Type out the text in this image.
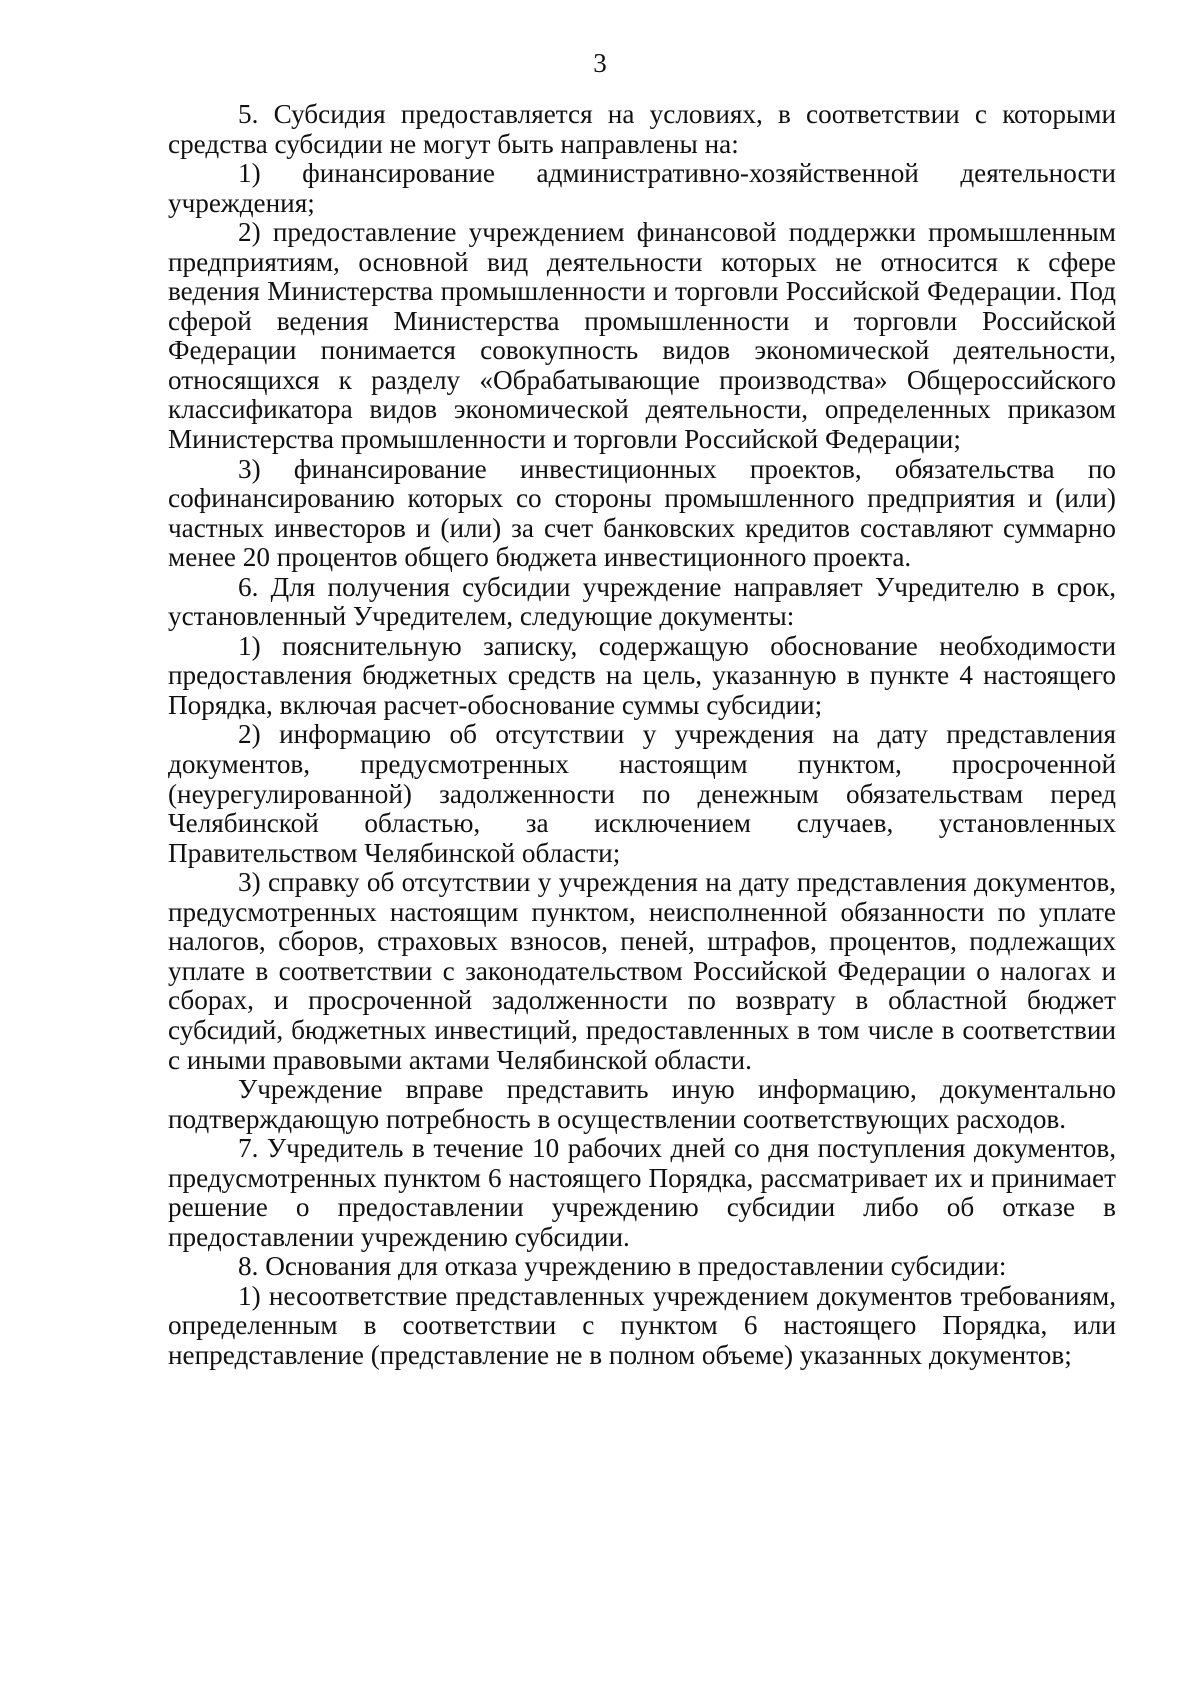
3

5. Субсидия предоставляется на условиях, в соответствии с которыми средства субсидии не могут быть направлены на:

1) финансирование административно-хозяйственной деятельности учреждения;

2) предоставление учреждением финансовой поддержки промышленным предприятиям, основной вид деятельности которых не относится к сфере ведения Министерства промышленности и торговли Российской Федерации. Под сферой ведения Министерства промышленности и торговли Российской Федерации понимается совокупность видов экономической деятельности, относящихся к разделу «Обрабатывающие производства» Общероссийского классификатора видов экономической деятельности, определенных приказом Министерства промышленности и торговли Российской Федерации;

3) финансирование инвестиционных проектов, обязательства по софинансированию которых со стороны промышленного предприятия и (или) частных инвесторов и (или) за счет банковских кредитов составляют суммарно менее 20 процентов общего бюджета инвестиционного проекта.

6. Для получения субсидии учреждение направляет Учредителю в срок, установленный Учредителем, следующие документы:

1) пояснительную записку, содержащую обоснование необходимости предоставления бюджетных средств на цель, указанную в пункте 4 настоящего Порядка, включая расчет-обоснование суммы субсидии;

2) информацию об отсутствии у учреждения на дату представления документов, предусмотренных настоящим пунктом, просроченной (неурегулированной) задолженности по денежным обязательствам перед Челябинской областью, за исключением случаев, установленных Правительством Челябинской области;

3) справку об отсутствии у учреждения на дату представления документов, предусмотренных настоящим пунктом, неисполненной обязанности по уплате налогов, сборов, страховых взносов, пеней, штрафов, процентов, подлежащих уплате в соответствии с законодательством Российской Федерации о налогах и сборах, и просроченной задолженности по возврату в областной бюджет субсидий, бюджетных инвестиций, предоставленных в том числе в соответствии с иными правовыми актами Челябинской области.

Учреждение вправе представить иную информацию, документально подтверждающую потребность в осуществлении соответствующих расходов.

7. Учредитель в течение 10 рабочих дней со дня поступления документов, предусмотренных пунктом 6 настоящего Порядка, рассматривает их и принимает решение о предоставлении учреждению субсидии либо об отказе в предоставлении учреждению субсидии.

8. Основания для отказа учреждению в предоставлении субсидии:

1) несоответствие представленных учреждением документов требованиям, определенным в соответствии с пунктом 6 настоящего Порядка, или непредставление (представление не в полном объеме) указанных документов;
